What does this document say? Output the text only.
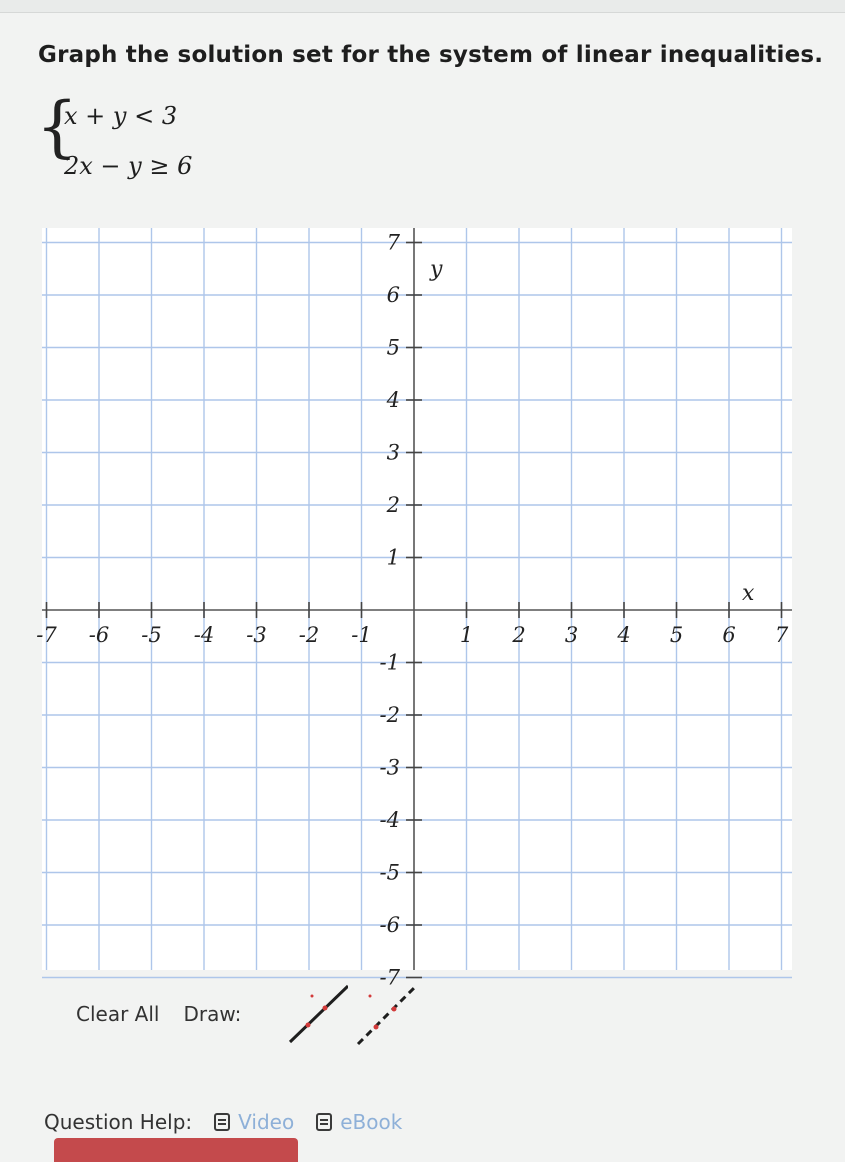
Graph the solution set for the system of linear inequalities.
{
x + y < 3
2x − y ≥ 6
-7 -6 -5 -4 -3 -2 -1	1 2 3 4 5 6 7
7
6
5
4
3
2
1
-1
-2
-3
-4
-5
-6
-7
x
y
Clear All Draw:
Question Help: Video eBook
